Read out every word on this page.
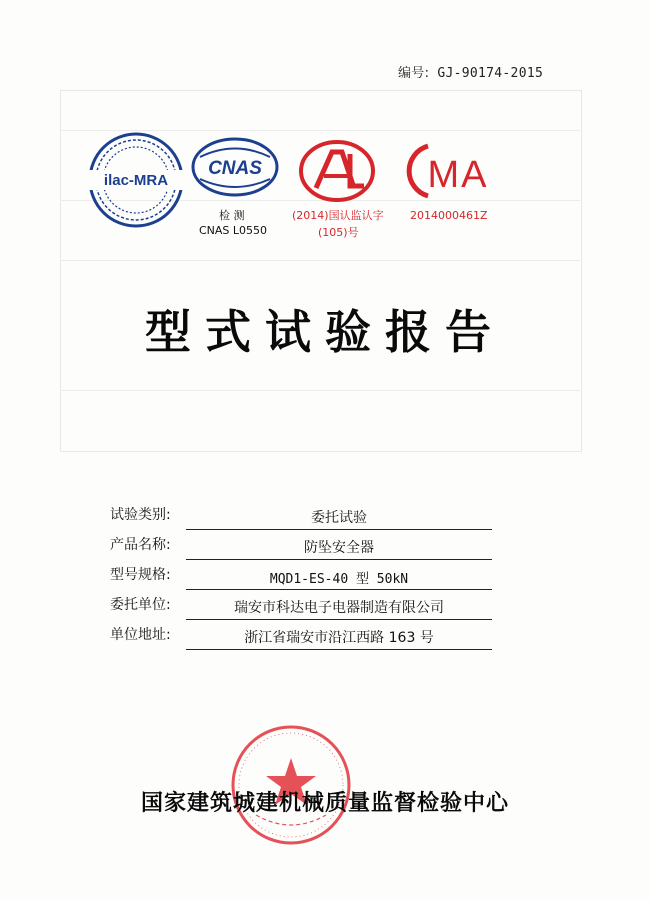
编号: GJ-90174-2015
ilac-MRA
CNAS
检 测
CNAS L0550
(2014)国认监认字
(105)号
MA
2014000461Z
型式试验报告
试验类别:	委托试验
产品名称:	防坠安全器
型号规格:	MQD1-ES-40 型 50kN
委托单位:	瑞安市科达电子电器制造有限公司
单位地址:	浙江省瑞安市沿江西路 163 号
国家建筑城建机械质量监督检验中心
